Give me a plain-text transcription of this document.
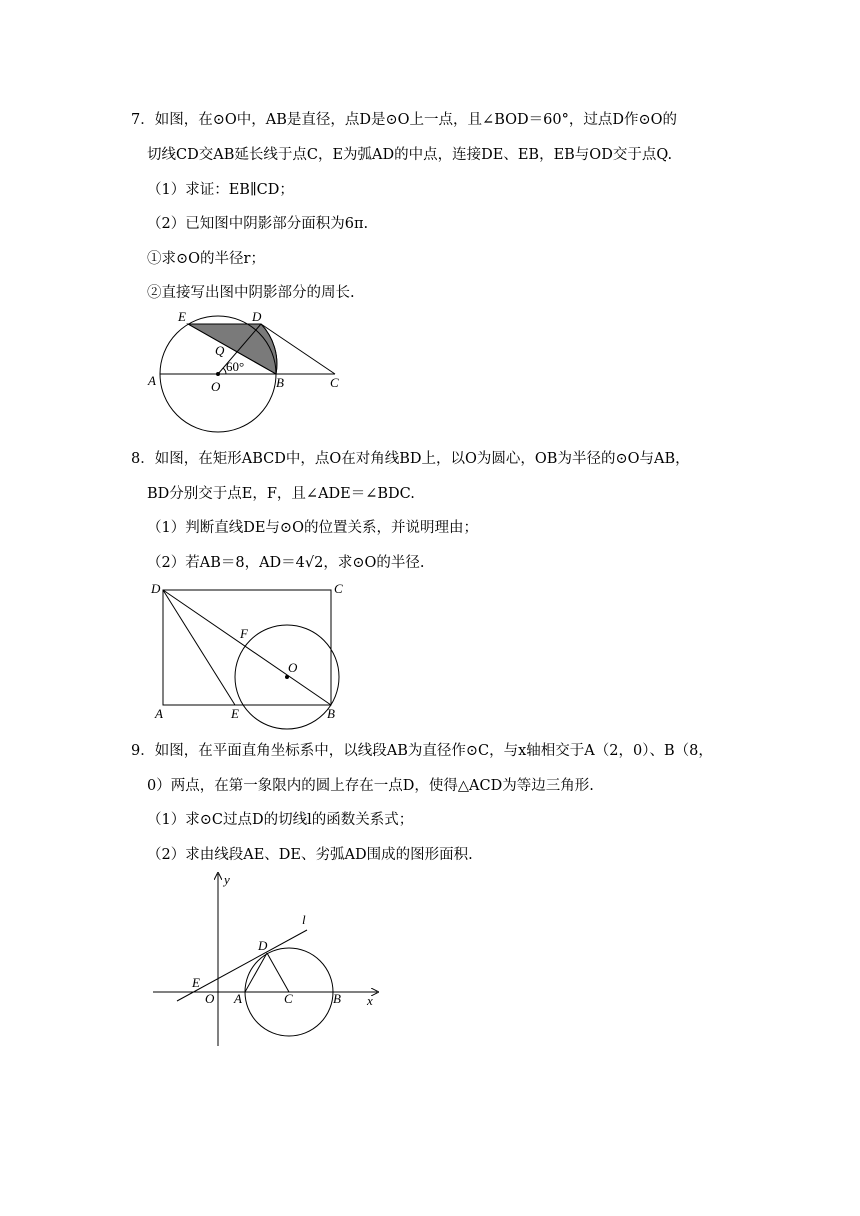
7．如图，在⊙O中，AB是直径，点D是⊙O上一点，且∠BOD＝60°，过点D作⊙O的
切线CD交AB延长线于点C，E为弧AD的中点，连接DE、EB，EB与OD交于点Q.
（1）求证：EB∥CD；
（2）已知图中阴影部分面积为6π.
①求⊙O的半径r；
②直接写出图中阴影部分的周长.
E	D
Q
60°
A	O	B	C
8．如图，在矩形ABCD中，点O在对角线BD上，以O为圆心，OB为半径的⊙O与AB，
BD分别交于点E，F，且∠ADE＝∠BDC.
（1）判断直线DE与⊙O的位置关系，并说明理由；
（2）若AB＝8，AD＝4√2，求⊙O的半径.
D	C
F
O
A	E	B
9．如图，在平面直角坐标系中，以线段AB为直径作⊙C，与x轴相交于A（2，0）、B（8，
0）两点，在第一象限内的圆上存在一点D，使得△ACD为等边三角形.
（1）求⊙C过点D的切线l的函数关系式；
（2）求由线段AE、DE、劣弧AD围成的图形面积.
y
l
D
E
O A	C	B x
